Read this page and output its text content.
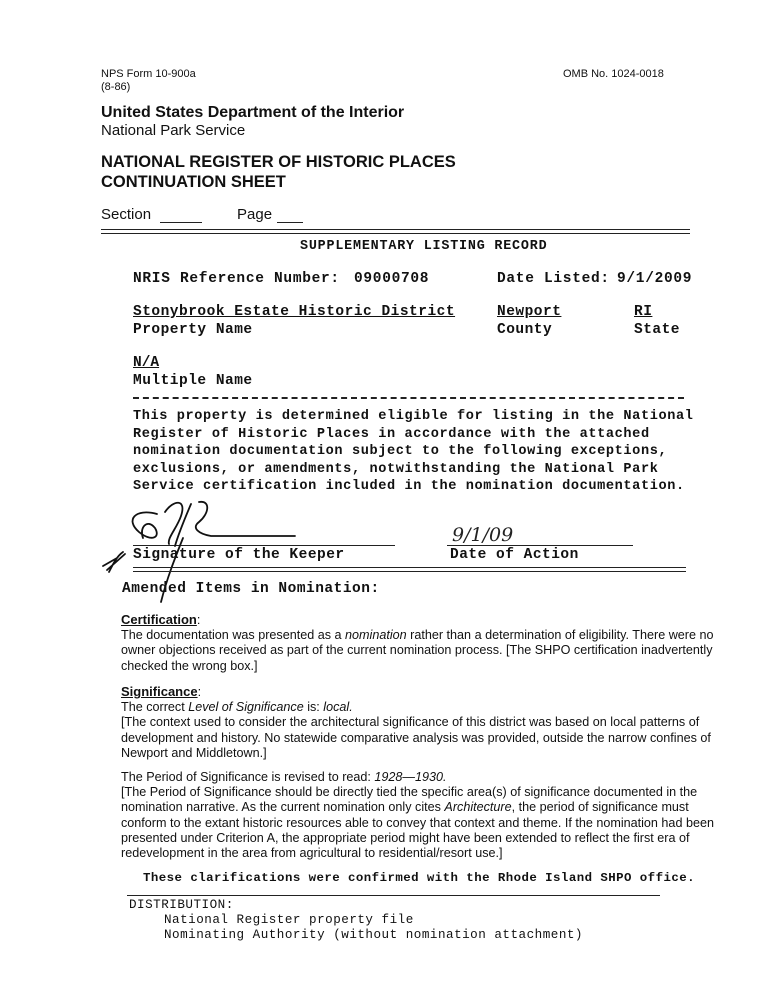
NPS Form 10-900a
(8-86)
OMB No. 1024-0018
United States Department of the Interior
National Park Service
NATIONAL REGISTER OF HISTORIC PLACES
CONTINUATION SHEET
Section	Page
SUPPLEMENTARY LISTING RECORD
NRIS Reference Number: 09000708	Date Listed: 9/1/2009
Stonybrook Estate Historic District
Property Name
Newport
County
RI
State
N/A
Multiple Name
This property is determined eligible for listing in the National
Register of Historic Places in accordance with the attached
nomination documentation subject to the following exceptions,
exclusions, or amendments, notwithstanding the National Park
Service certification included in the nomination documentation.
Signature of the Keeper
9/1/09
Date of Action
Amended Items in Nomination:

Certification:

The documentation was presented as a nomination rather than a determination of eligibility. There were no owner objections received as part of the current nomination process. [The SHPO certification inadvertently checked the wrong box.]

Significance:

The correct Level of Significance is: local.

[The context used to consider the architectural significance of this district was based on local patterns of development and history. No statewide comparative analysis was provided, outside the narrow confines of Newport and Middletown.]

The Period of Significance is revised to read: 1928—1930.

[The Period of Significance should be directly tied the specific area(s) of significance documented in the nomination narrative. As the current nomination only cites Architecture, the period of significance must conform to the extant historic resources able to convey that context and theme. If the nomination had been presented under Criterion A, the appropriate period might have been extended to reflect the first era of redevelopment in the area from agricultural to residential/resort use.]

These clarifications were confirmed with the Rhode Island SHPO office.
DISTRIBUTION:
National Register property file
Nominating Authority (without nomination attachment)
